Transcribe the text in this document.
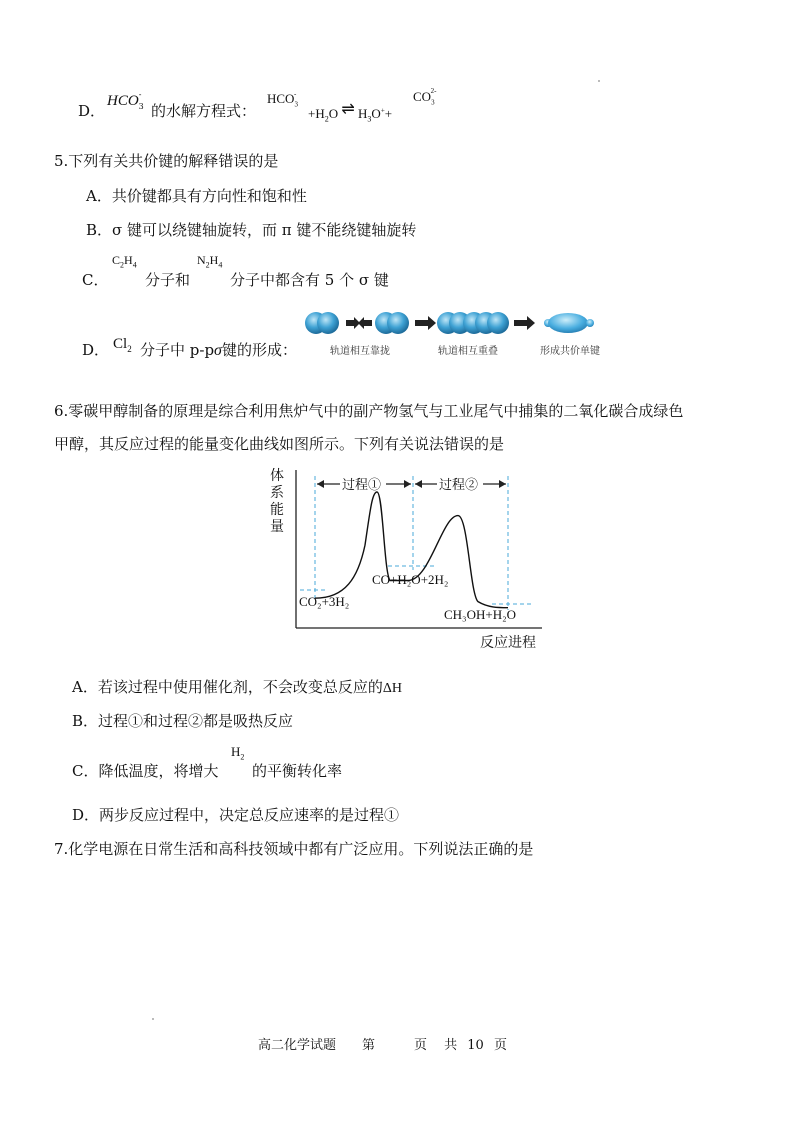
D．
$HCO_3^-$
的水解方程式：
$HCO_3^-$
$+H_2O$ ⇌ $H_3O^++$
$CO_3^{2-}$
5.下列有关共价键的解释错误的是
A．共价键都具有方向性和饱和性
B．σ 键可以绕键轴旋转，而 π 键不能绕键轴旋转
C．
$C_2H_4$
分子和
$N_2H_4$
分子中都含有 5 个 σ 键
D． $Cl_2$ 分子中 p-pσ键的形成：	轨道相互靠拢	轨道相互重叠	形成共价单键
6.零碳甲醇制备的原理是综合利用焦炉气中的副产物氢气与工业尾气中捕集的二氧化碳合成绿色
甲醇，其反应过程的能量变化曲线如图所示。下列有关说法错误的是
体
系
能
量
过程①	过程②
CO₂+3H₂
CO+H₂O+2H₂
CH₃OH+H₂O
反应进程
A．若该过程中使用催化剂，不会改变总反应的ΔH
B．过程①和过程②都是吸热反应
C．降低温度，将增大
$H_2$
的平衡转化率
D．两步反应过程中，决定总反应速率的是过程①
7.化学电源在日常生活和高科技领域中都有广泛应用。下列说法正确的是
高二化学试题　　第　　　页　 共 10 页
